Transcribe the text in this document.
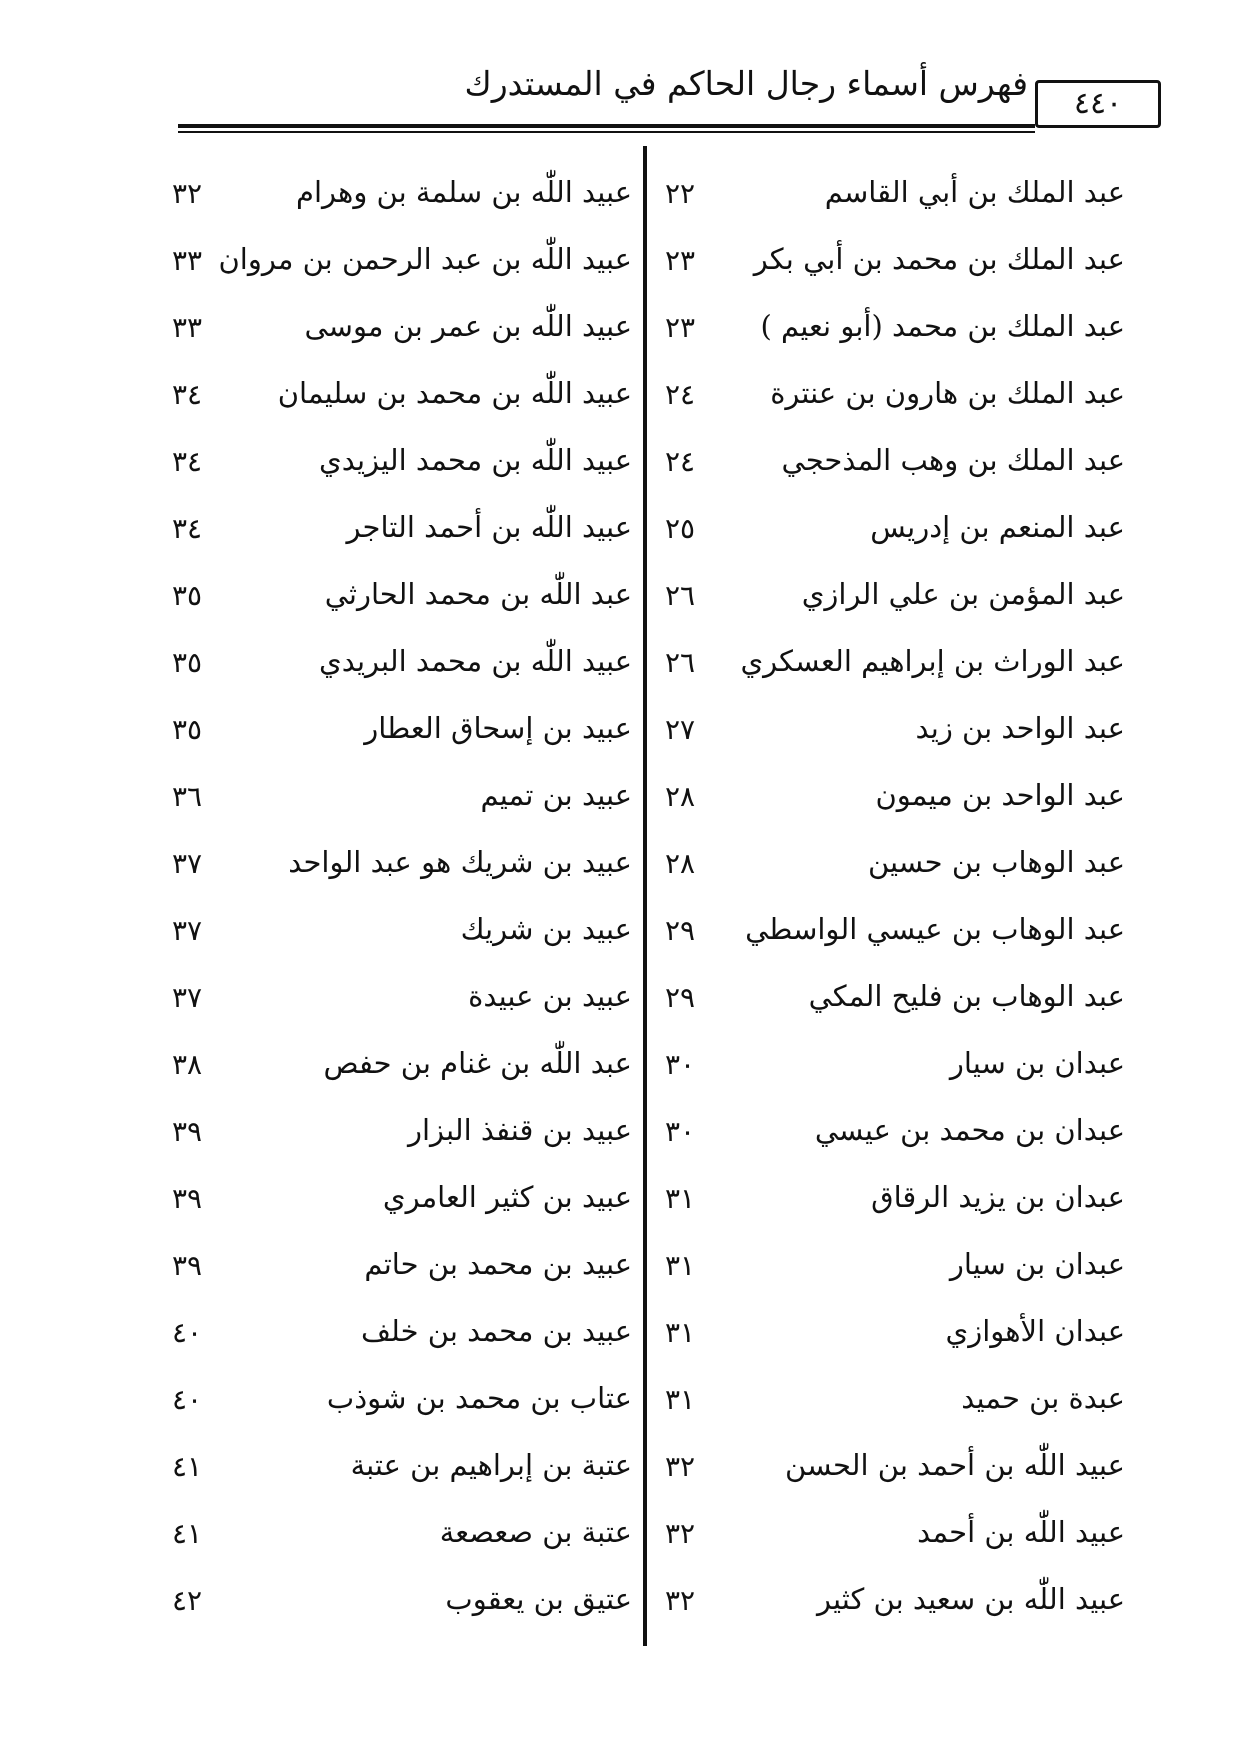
فهرس أسماء رجال الحاكم في المستدرك
٤٤٠
عبد الملك بن أبي القاسم
٢٢
عبد الملك بن محمد بن أبي بكر
٢٣
عبد الملك بن محمد (أبو نعيم )
٢٣
عبد الملك بن هارون بن عنترة
٢٤
عبد الملك بن وهب المذحجي
٢٤
عبد المنعم بن إدريس
٢٥
عبد المؤمن بن علي الرازي
٢٦
عبد الوراث بن إبراهيم العسكري
٢٦
عبد الواحد بن زيد
٢٧
عبد الواحد بن ميمون
٢٨
عبد الوهاب بن حسين
٢٨
عبد الوهاب بن عيسي الواسطي
٢٩
عبد الوهاب بن فليح المكي
٢٩
عبدان بن سيار
٣٠
عبدان بن محمد بن عيسي
٣٠
عبدان بن يزيد الرقاق
٣١
عبدان بن سيار
٣١
عبدان الأهوازي
٣١
عبدة بن حميد
٣١
عبيد اللّٰه بن أحمد بن الحسن
٣٢
عبيد اللّٰه بن أحمد
٣٢
عبيد اللّٰه بن سعيد بن كثير
٣٢
عبيد اللّٰه بن سلمة بن وهرام
٣٢
عبيد اللّٰه بن عبد الرحمن بن مروان
٣٣
عبيد اللّٰه بن عمر بن موسى
٣٣
عبيد اللّٰه بن محمد بن سليمان
٣٤
عبيد اللّٰه بن محمد اليزيدي
٣٤
عبيد اللّٰه بن أحمد التاجر
٣٤
عبد اللّٰه بن محمد الحارثي
٣٥
عبيد اللّٰه بن محمد البريدي
٣٥
عبيد بن إسحاق العطار
٣٥
عبيد بن تميم
٣٦
عبيد بن شريك هو عبد الواحد
٣٧
عبيد بن شريك
٣٧
عبيد بن عبيدة
٣٧
عبد اللّٰه بن غنام بن حفص
٣٨
عبيد بن قنفذ البزار
٣٩
عبيد بن كثير العامري
٣٩
عبيد بن محمد بن حاتم
٣٩
عبيد بن محمد بن خلف
٤٠
عتاب بن محمد بن شوذب
٤٠
عتبة بن إبراهيم بن عتبة
٤١
عتبة بن صعصعة
٤١
عتيق بن يعقوب
٤٢
